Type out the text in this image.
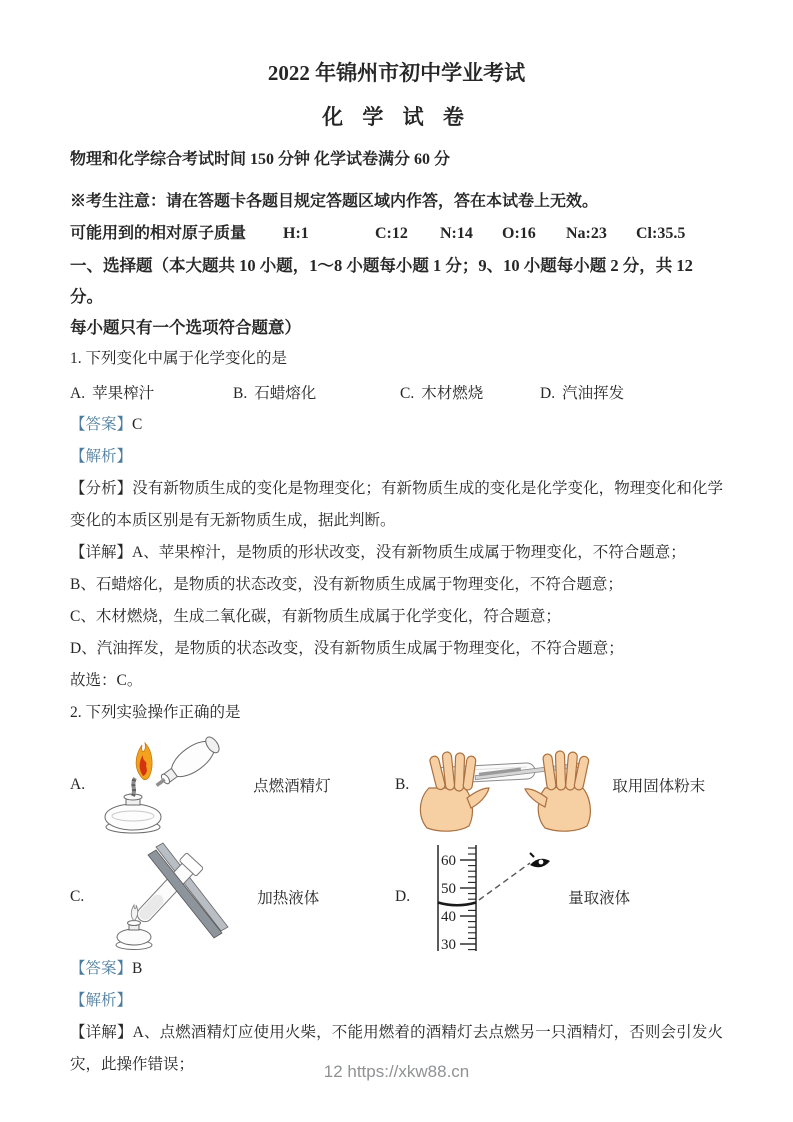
2022 年锦州市初中学业考试

化 学 试 卷

物理和化学综合考试时间 150 分钟 化学试卷满分 60 分

※考生注意：请在答题卡各题目规定答题区域内作答，答在本试卷上无效。

可能用到的相对原子质量	H:1	C:12	N:14	O:16	Na:23	Cl:35.5

一、选择题（本大题共 10 小题，1～8 小题每小题 1 分；9、10 小题每小题 2 分，共 12 分。
每小题只有一个选项符合题意）

1. 下列变化中属于化学变化的是

A. 苹果榨汁	B. 石蜡熔化	C. 木材燃烧	D. 汽油挥发

【答案】C

【解析】

【分析】没有新物质生成的变化是物理变化；有新物质生成的变化是化学变化，物理变化和化学变化的本质区别是有无新物质生成，据此判断。

【详解】A、苹果榨汁，是物质的形状改变，没有新物质生成属于物理变化，不符合题意；

B、石蜡熔化，是物质的状态改变，没有新物质生成属于物理变化，不符合题意；

C、木材燃烧，生成二氧化碳，有新物质生成属于化学变化，符合题意；

D、汽油挥发，是物质的状态改变，没有新物质生成属于物理变化，不符合题意；

故选：C。

2. 下列实验操作正确的是

A.	点燃酒精灯	B.	取用固体粉末
C.	加热液体	D.
60
50
40
30
量取液体

【答案】B

【解析】

【详解】A、点燃酒精灯应使用火柴，不能用燃着的酒精灯去点燃另一只酒精灯，否则会引发火灾，此操作错误；	12 https://xkw88.cn
